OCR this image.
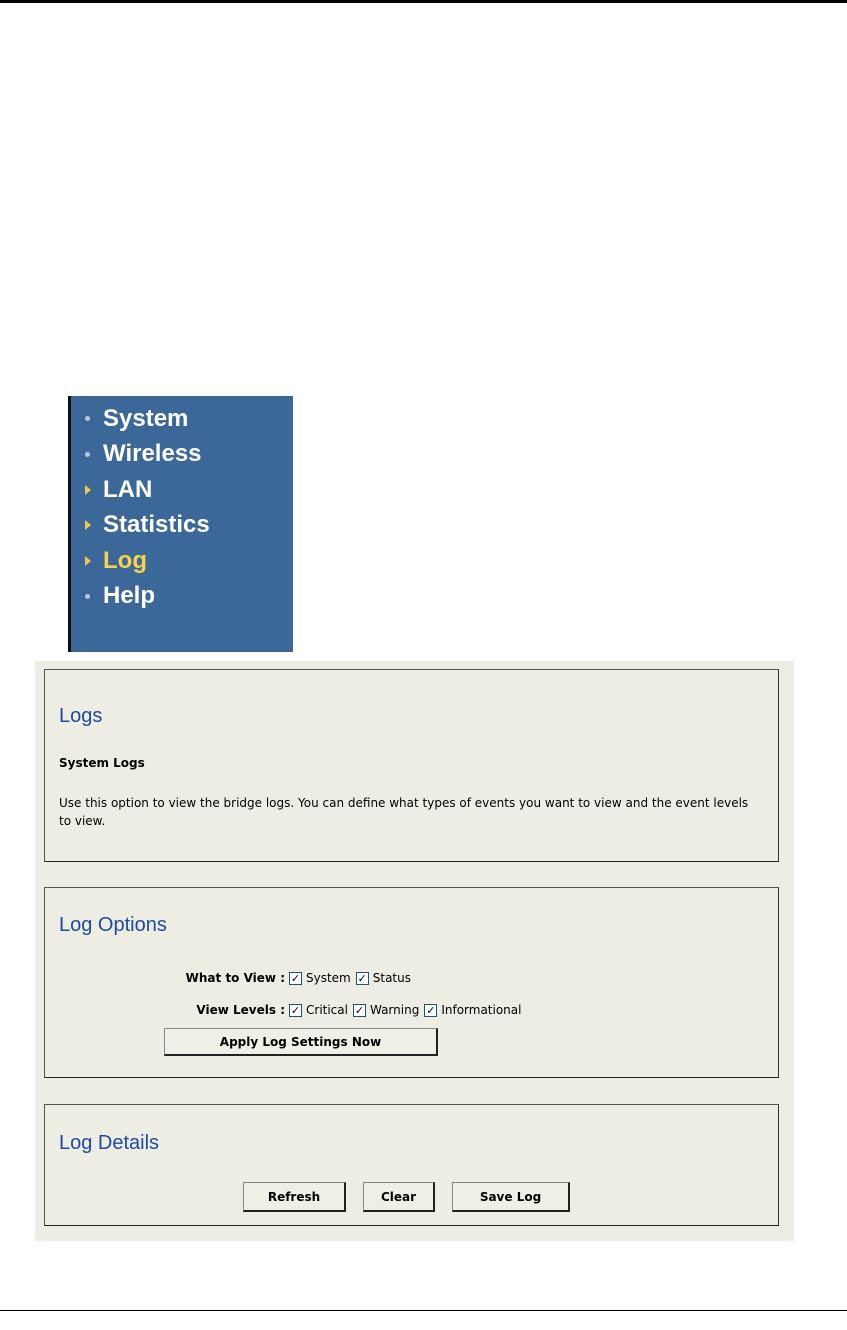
System
Wireless
LAN
Statistics
Log
Help
Logs
System Logs
Use this option to view the bridge logs. You can define what types of events you want to view and the event levels to view.
Log Options
What to View : ✓ System ✓ Status
View Levels : ✓ Critical ✓ Warning ✓ Informational
Apply Log Settings Now
Log Details
Refresh	Clear	Save Log
